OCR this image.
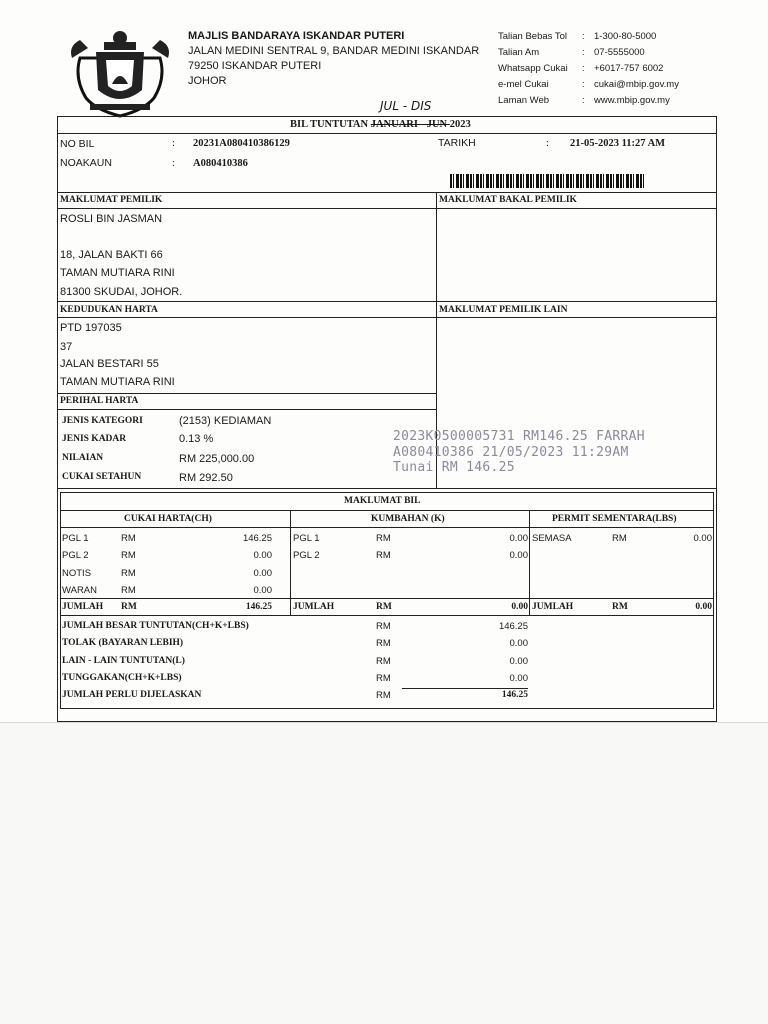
MAJLIS BANDARAYA ISKANDAR PUTERI
JALAN MEDINI SENTRAL 9, BANDAR MEDINI ISKANDAR
79250 ISKANDAR PUTERI
JOHOR
Talian Bebas Tol : 1-300-80-5000
Talian Am	: 07-5555000
Whatsapp Cukai : +6017-757 6002
e-mel Cukai	: cukai@mbip.gov.my
Laman Web	: www.mbip.gov.my
JUL - DIS
BIL TUNTUTAN JANUARI - JUN 2023
NO BIL	: 20231A080410386129	TARIKH	: 21-05-2023 11:27 AM
NOAKAUN	: A080410386
MAKLUMAT PEMILIK	MAKLUMAT BAKAL PEMILIK
ROSLI BIN JASMAN
18, JALAN BAKTI 66
TAMAN MUTIARA RINI
81300 SKUDAI, JOHOR.
KEDUDUKAN HARTA	MAKLUMAT PEMILIK LAIN
PTD 197035
37
JALAN BESTARI 55
TAMAN MUTIARA RINI
PERIHAL HARTA
JENIS KATEGORI	(2153) KEDIAMAN
JENIS KADAR	0.13 %
NILAIAN	RM 225,000.00
CUKAI SETAHUN	RM 292.50
2023K0500005731 RM146.25 FARRAH
A080410386 21/05/2023 11:29AM
Tunai RM 146.25
MAKLUMAT BIL
CUKAI HARTA(CH)	KUMBAHAN (K)	PERMIT SEMENTARA(LBS)
PGL 1	RM	146.25
PGL 2	RM	0.00
NOTIS	RM	0.00
WARAN	RM	0.00
PGL 1	RM	0.00
PGL 2	RM	0.00
SEMASA	RM	0.00
JUMLAH RM	146.25 JUMLAH	RM	0.00 JUMLAH	RM	0.00
JUMLAH BESAR TUNTUTAN(CH+K+LBS)	RM	146.25
TOLAK (BAYARAN LEBIH)	RM	0.00
LAIN - LAIN TUNTUTAN(L)	RM	0.00
TUNGGAKAN(CH+K+LBS)	RM	0.00
JUMLAH PERLU DIJELASKAN	RM	146.25
